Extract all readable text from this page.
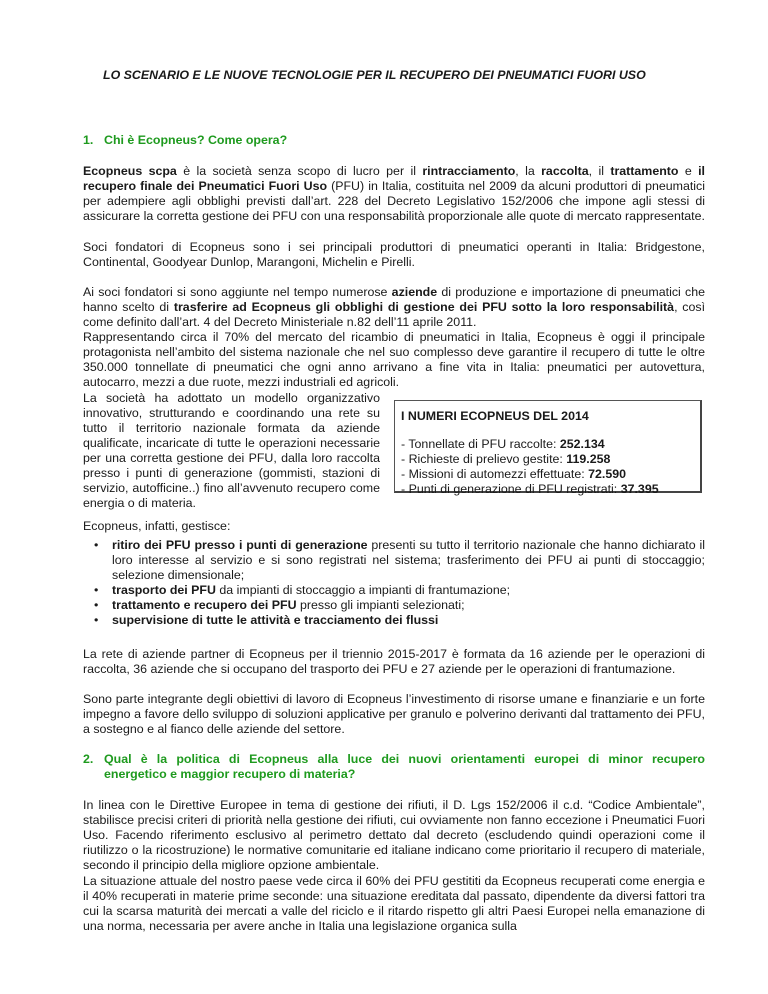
LO SCENARIO E LE NUOVE TECNOLOGIE PER IL RECUPERO DEI PNEUMATICI FUORI USO
1. Chi è Ecopneus? Come opera?

Ecopneus scpa è la società senza scopo di lucro per il rintracciamento, la raccolta, il trattamento e il recupero finale dei Pneumatici Fuori Uso (PFU) in Italia, costituita nel 2009 da alcuni produttori di pneumatici per adempiere agli obblighi previsti dall’art. 228 del Decreto Legislativo 152/2006 che impone agli stessi di assicurare la corretta gestione dei PFU con una responsabilità proporzionale alle quote di mercato rappresentate.

Soci fondatori di Ecopneus sono i sei principali produttori di pneumatici operanti in Italia: Bridgestone, Continental, Goodyear Dunlop, Marangoni, Michelin e Pirelli.

Ai soci fondatori si sono aggiunte nel tempo numerose aziende di produzione e importazione di pneumatici che hanno scelto di trasferire ad Ecopneus gli obblighi di gestione dei PFU sotto la loro responsabilità, così come definito dall’art. 4 del Decreto Ministeriale n.82 dell’11 aprile 2011.

Rappresentando circa il 70% del mercato del ricambio di pneumatici in Italia, Ecopneus è oggi il principale protagonista nell’ambito del sistema nazionale che nel suo complesso deve garantire il recupero di tutte le oltre 350.000 tonnellate di pneumatici che ogni anno arrivano a fine vita in Italia: pneumatici per autovettura, autocarro, mezzi a due ruote, mezzi industriali ed agricoli.

La società ha adottato un modello organizzativo innovativo, strutturando e coordinando una rete su tutto il territorio nazionale formata da aziende qualificate, incaricate di tutte le operazioni necessarie per una corretta gestione dei PFU, dalla loro raccolta presso i punti di generazione (gommisti, stazioni di servizio, autofficine..) fino all’avvenuto recupero come energia o di materia.

I NUMERI ECOPNEUS DEL 2014
- Tonnellate di PFU raccolte: 252.134
- Richieste di prelievo gestite: 119.258
- Missioni di automezzi effettuate: 72.590
- Punti di generazione di PFU registrati: 37.395

Ecopneus, infatti, gestisce:

• ritiro dei PFU presso i punti di generazione presenti su tutto il territorio nazionale che hanno dichiarato il loro interesse al servizio e si sono registrati nel sistema; trasferimento dei PFU ai punti di stoccaggio; selezione dimensionale;
• trasporto dei PFU da impianti di stoccaggio a impianti di frantumazione;
• trattamento e recupero dei PFU presso gli impianti selezionati;
• supervisione di tutte le attività e tracciamento dei flussi

La rete di aziende partner di Ecopneus per il triennio 2015-2017 è formata da 16 aziende per le operazioni di raccolta, 36 aziende che si occupano del trasporto dei PFU e 27 aziende per le operazioni di frantumazione.

Sono parte integrante degli obiettivi di lavoro di Ecopneus l’investimento di risorse umane e finanziarie e un forte impegno a favore dello sviluppo di soluzioni applicative per granulo e polverino derivanti dal trattamento dei PFU, a sostegno e al fianco delle aziende del settore.

2. Qual è la politica di Ecopneus alla luce dei nuovi orientamenti europei di minor recupero
energetico e maggior recupero di materia?

In linea con le Direttive Europee in tema di gestione dei rifiuti, il D. Lgs 152/2006 il c.d. “Codice Ambientale”, stabilisce precisi criteri di priorità nella gestione dei rifiuti, cui ovviamente non fanno eccezione i Pneumatici Fuori Uso. Facendo riferimento esclusivo al perimetro dettato dal decreto (escludendo quindi operazioni come il riutilizzo o la ricostruzione) le normative comunitarie ed italiane indicano come prioritario il recupero di materiale, secondo il principio della migliore opzione ambientale.

La situazione attuale del nostro paese vede circa il 60% dei PFU gestititi da Ecopneus recuperati come energia e il 40% recuperati in materie prime seconde: una situazione ereditata dal passato, dipendente da diversi fattori tra cui la scarsa maturità dei mercati a valle del riciclo e il ritardo rispetto gli altri Paesi Europei nella emanazione di una norma, necessaria per avere anche in Italia una legislazione organica sulla
